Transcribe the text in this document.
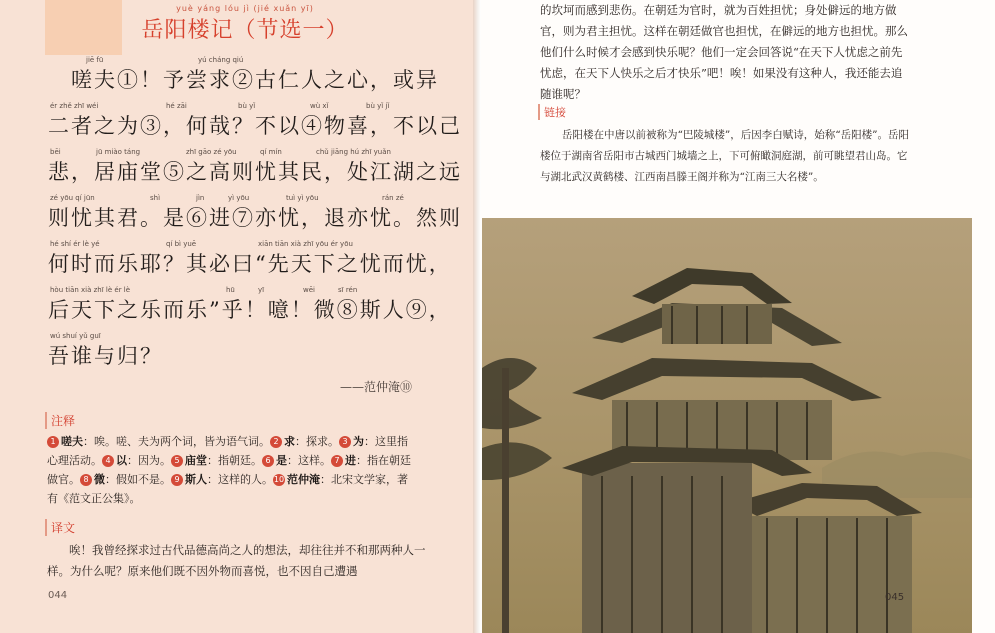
yuè yáng lóu jì (jié xuǎn yī)
岳阳楼记（节选一）
jiē fū	yú cháng qiú
　嗟夫①！予尝求②古仁人之心，或异
ér zhě zhī wéi	hé zāi	bù yǐ	wù xǐ	bù yǐ jǐ
二者之为③，何哉？不以④物喜，不以己
bēi	jū miào táng	zhī gāo zé yōu	qí mín	chǔ jiāng hú zhī yuǎn
悲，居庙堂⑤之高则忧其民，处江湖之远
zé yōu qí jūn	shì	jìn	yì yōu	tuì yì yōu	rán zé
则忧其君。是⑥进⑦亦忧，退亦忧。然则
hé shí ér lè yé	qí bì yuē	xiān tiān xià zhī yōu ér yōu
何时而乐耶？其必曰“先天下之忧而忧，
hòu tiān xià zhī lè ér lè	hū	yī	wēi	sī rén
后天下之乐而乐”乎！噫！微⑧斯人⑨，
wú shuí yǔ guī
吾谁与归？
——范仲淹⑩
注释
1 嗟夫：唉。嗟、夫为两个词，皆为语气词。 2 求：探求。 3 为：这里指心理活动。 4 以：因为。 5 庙堂：指朝廷。 6 是：这样。 7 进：指在朝廷做官。 8 微：假如不是。 9 斯人：这样的人。10 范仲淹：北宋文学家，著有《范文正公集》。
译文
唉！我曾经探求过古代品德高尚之人的想法，却往往并不和那两种人一样。为什么呢？原来他们既不因外物而喜悦，也不因自己遭遇
044
的坎坷而感到悲伤。在朝廷为官时，就为百姓担忧；身处僻远的地方做官，则为君主担忧。这样在朝廷做官也担忧，在僻远的地方也担忧。那么他们什么时候才会感到快乐呢？他们一定会回答说“在天下人忧虑之前先忧虑，在天下人快乐之后才快乐”吧！唉！如果没有这种人，我还能去追随谁呢？
链接
岳阳楼在中唐以前被称为“巴陵城楼”，后因李白赋诗，始称“岳阳楼”。岳阳楼位于湖南省岳阳市古城西门城墙之上，下可俯瞰洞庭湖，前可眺望君山岛。它与湖北武汉黄鹤楼、江西南昌滕王阁并称为“江南三大名楼”。
045
